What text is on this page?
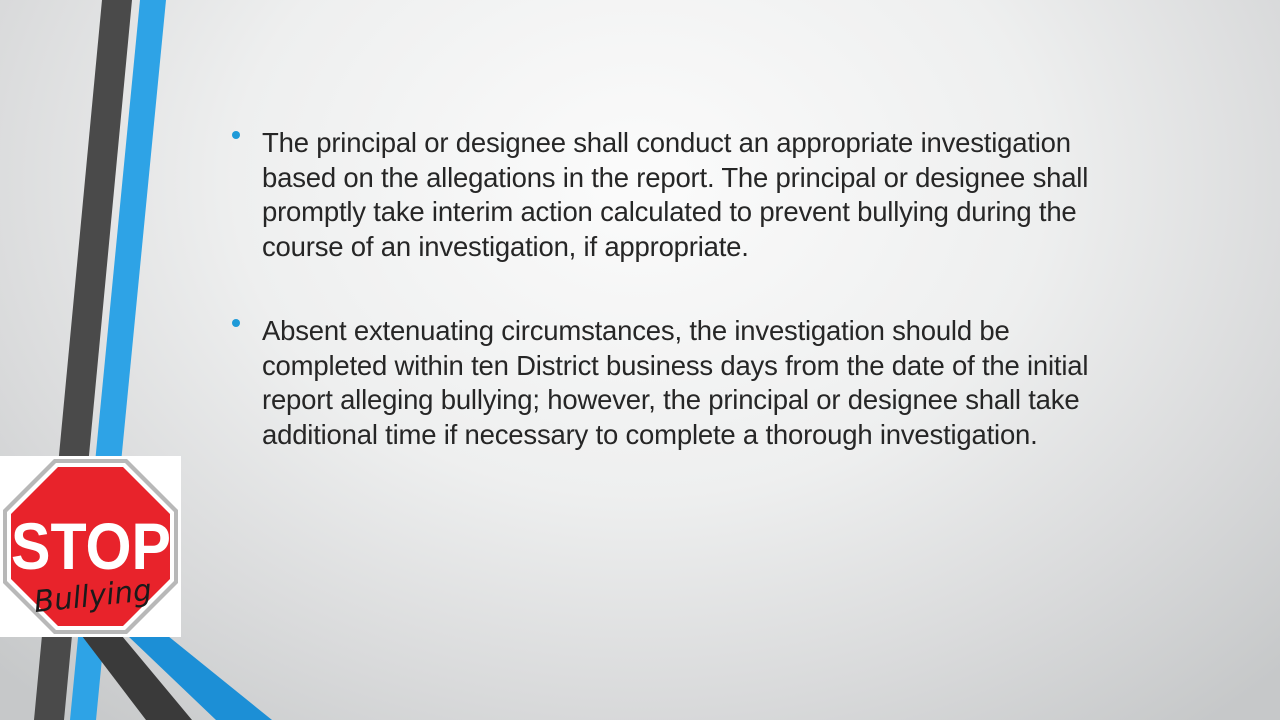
STOP
Bullying

The principal or designee shall conduct an appropriate investigation based on the allegations in the report. The principal or designee shall promptly take interim action calculated to prevent bullying during the course of an investigation, if appropriate.

Absent extenuating circumstances, the investigation should be completed within ten District business days from the date of the initial report alleging bullying; however, the principal or designee shall take additional time if necessary to complete a thorough investigation.
